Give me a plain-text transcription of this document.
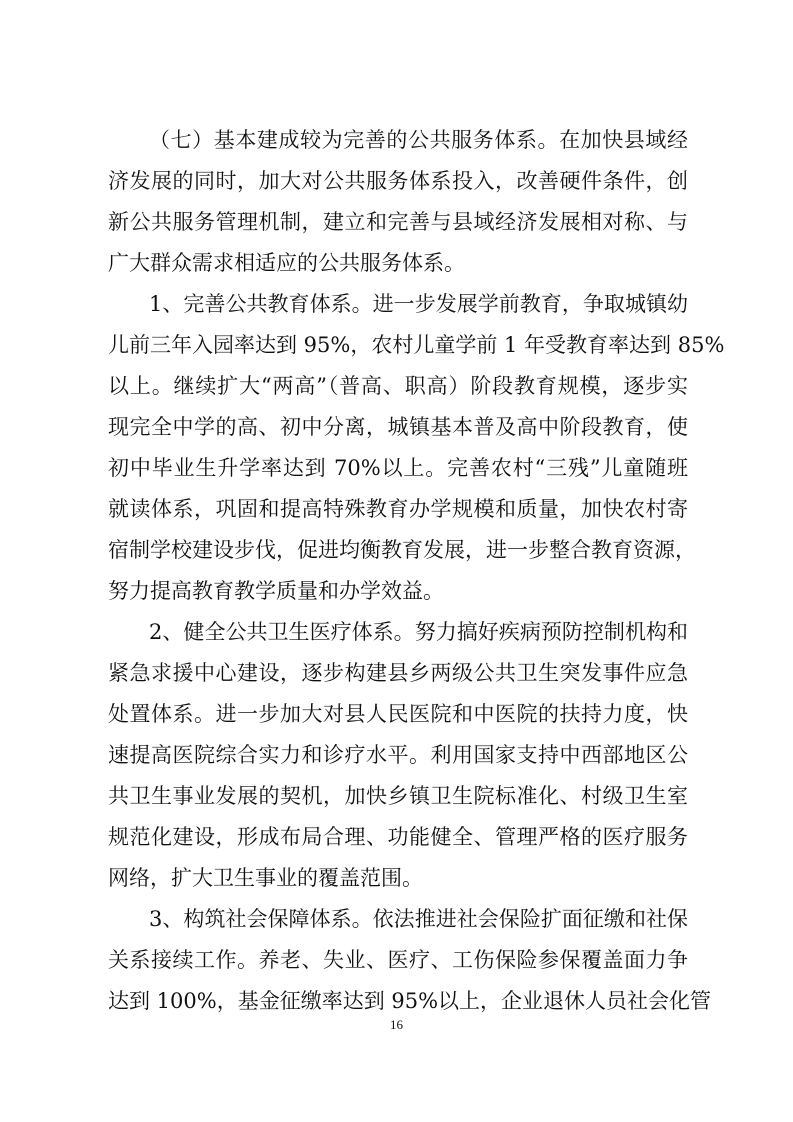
（七）基本建成较为完善的公共服务体系。在加快县域经
济发展的同时，加大对公共服务体系投入，改善硬件条件，创
新公共服务管理机制，建立和完善与县域经济发展相对称、与
广大群众需求相适应的公共服务体系。
1、完善公共教育体系。进一步发展学前教育，争取城镇幼
儿前三年入园率达到 95%，农村儿童学前 1 年受教育率达到 85%
以上。继续扩大“两高”（普高、职高）阶段教育规模，逐步实
现完全中学的高、初中分离，城镇基本普及高中阶段教育，使
初中毕业生升学率达到 70%以上。完善农村“三残”儿童随班
就读体系，巩固和提高特殊教育办学规模和质量，加快农村寄
宿制学校建设步伐，促进均衡教育发展，进一步整合教育资源，
努力提高教育教学质量和办学效益。
2、健全公共卫生医疗体系。努力搞好疾病预防控制机构和
紧急求援中心建设，逐步构建县乡两级公共卫生突发事件应急
处置体系。进一步加大对县人民医院和中医院的扶持力度，快
速提高医院综合实力和诊疗水平。利用国家支持中西部地区公
共卫生事业发展的契机，加快乡镇卫生院标准化、村级卫生室
规范化建设，形成布局合理、功能健全、管理严格的医疗服务
网络，扩大卫生事业的覆盖范围。
3、构筑社会保障体系。依法推进社会保险扩面征缴和社保
关系接续工作。养老、失业、医疗、工伤保险参保覆盖面力争
达到 100%，基金征缴率达到 95%以上，企业退休人员社会化管
16
